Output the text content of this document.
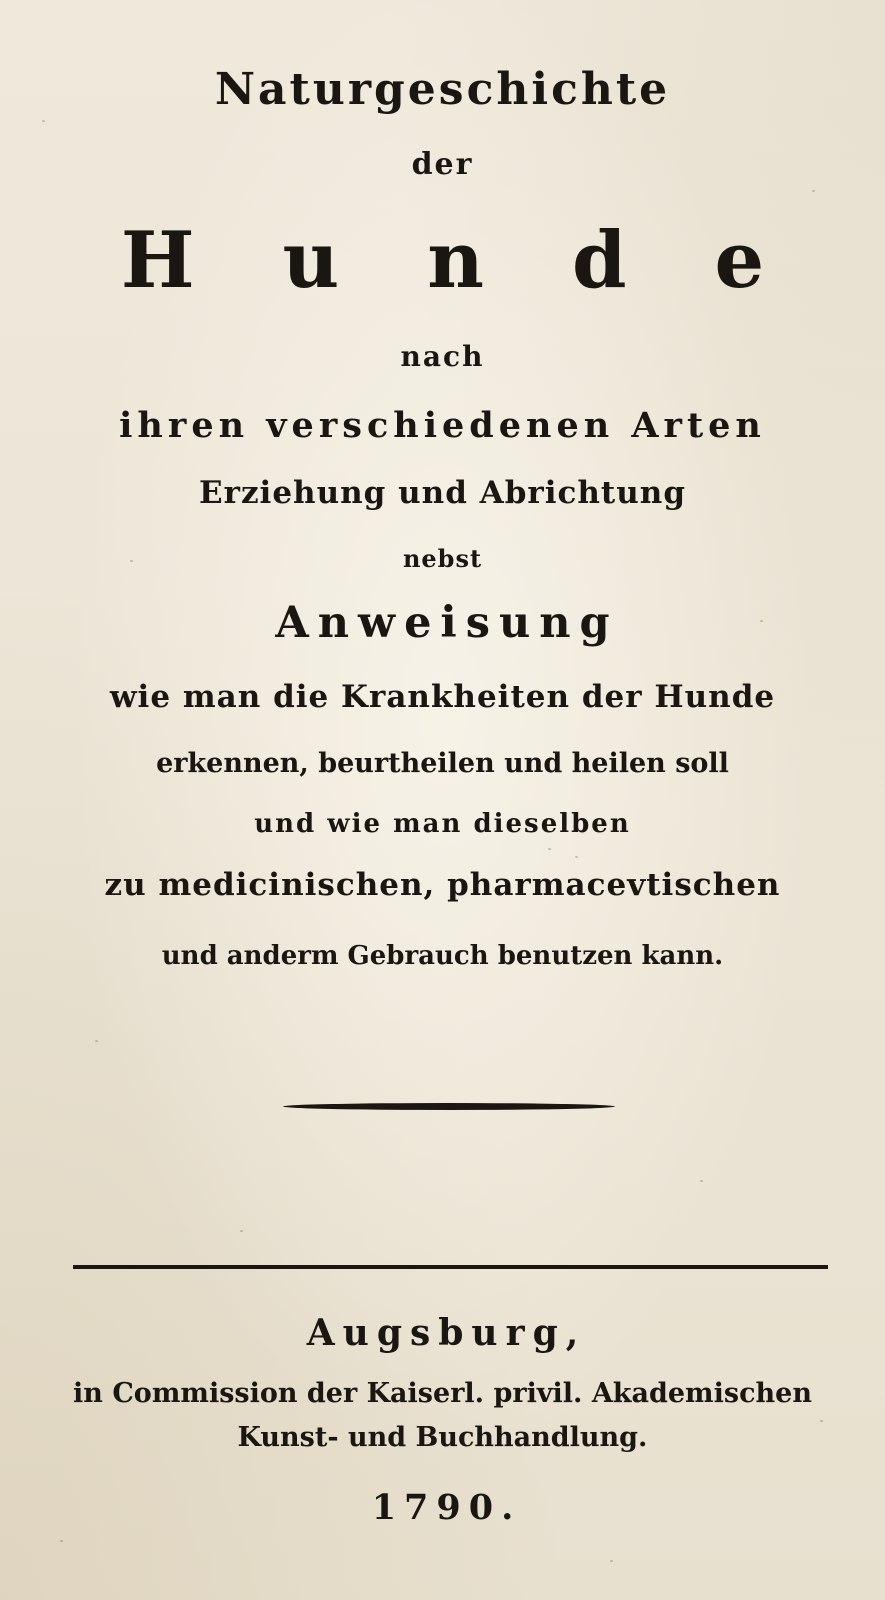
Naturgeschichte
der
Hunde
nach
ihren verschiedenen Arten
Erziehung und Abrichtung
nebst
Anweisung
wie man die Krankheiten der Hunde
erkennen, beurtheilen und heilen soll
und wie man dieselben
zu medicinischen, pharmacevtischen
und anderm Gebrauch benutzen kann.
Augsburg,
in Commission der Kaiserl. privil. Akademischen
Kunst- und Buchhandlung.
1790.
